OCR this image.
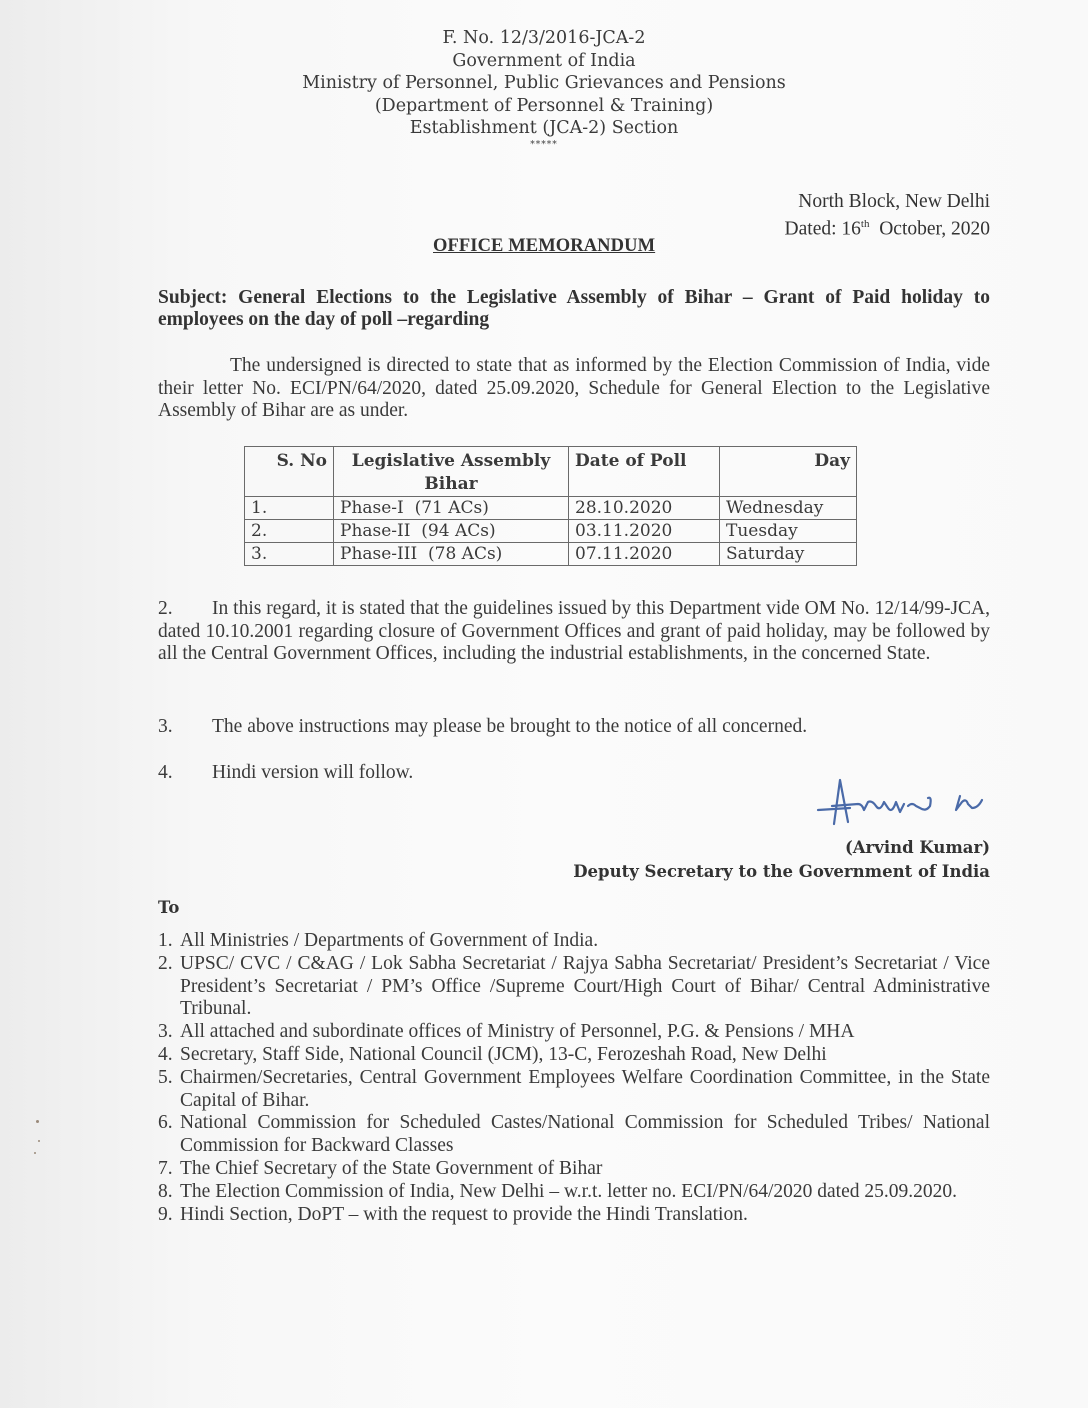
F. No. 12/3/2016-JCA-2
Government of India
Ministry of Personnel, Public Grievances and Pensions
(Department of Personnel & Training)
Establishment (JCA-2) Section
*****
North Block, New Delhi
Dated: 16th  October, 2020
OFFICE MEMORANDUM
Subject: General Elections to the Legislative Assembly of Bihar – Grant of Paid holiday to employees on the day of poll –regarding
The undersigned is directed to state that as informed by the Election Commission of India, vide their letter No. ECI/PN/64/2020, dated 25.09.2020, Schedule for General Election to the Legislative Assembly of Bihar are as under.
S. No	Legislative Assembly Bihar	Date of Poll	Day
1.	Phase-I  (71 ACs)	28.10.2020	Wednesday
2.	Phase-II  (94 ACs)	03.11.2020	Tuesday
3.	Phase-III  (78 ACs)	07.11.2020	Saturday
2. In this regard, it is stated that the guidelines issued by this Department vide OM No. 12/14/99-JCA, dated 10.10.2001 regarding closure of Government Offices and grant of paid holiday, may be followed by all the Central Government Offices, including the industrial establishments, in the concerned State.
3. The above instructions may please be brought to the notice of all concerned.
4. Hindi version will follow.
(Arvind Kumar)
Deputy Secretary to the Government of India
To
1. All Ministries / Departments of Government of India.
2. UPSC/ CVC / C&AG / Lok Sabha Secretariat / Rajya Sabha Secretariat/ President’s Secretariat / Vice President’s Secretariat / PM’s Office /Supreme Court/High Court of Bihar/ Central Administrative Tribunal.
3. All attached and subordinate offices of Ministry of Personnel, P.G. & Pensions / MHA
4. Secretary, Staff Side, National Council (JCM), 13-C, Ferozeshah Road, New Delhi
5. Chairmen/Secretaries, Central Government Employees Welfare Coordination Committee, in the State Capital of Bihar.
6. National Commission for Scheduled Castes/National Commission for Scheduled Tribes/ National Commission for Backward Classes
7. The Chief Secretary of the State Government of Bihar
8. The Election Commission of India, New Delhi – w.r.t. letter no. ECI/PN/64/2020 dated 25.09.2020.
9. Hindi Section, DoPT – with the request to provide the Hindi Translation.
